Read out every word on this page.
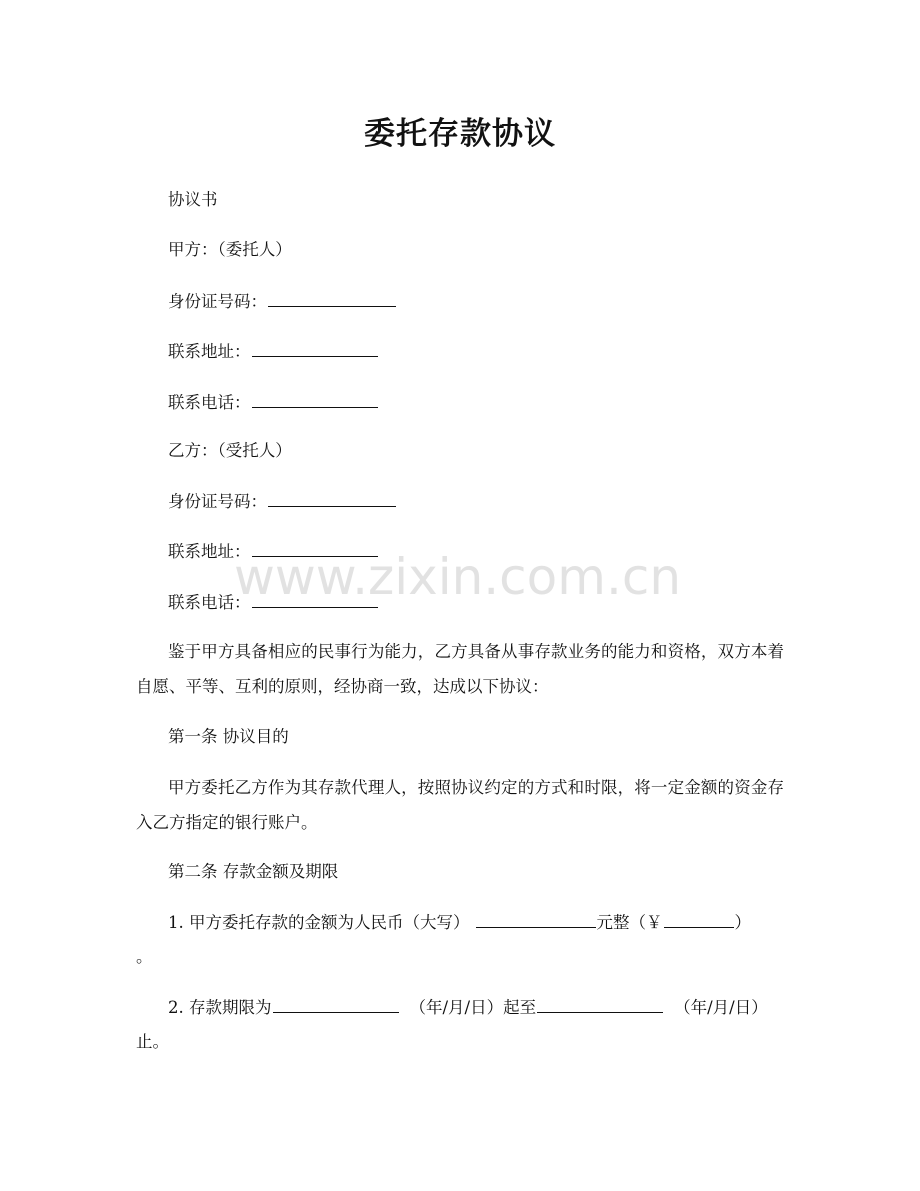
委托存款协议

协议书

甲方：（委托人）

身份证号码：

联系地址：

联系电话：

乙方：（受托人）

身份证号码：

联系地址：

联系电话：

鉴于甲方具备相应的民事行为能力，乙方具备从事存款业务的能力和资格，双方本着自愿、平等、互利的原则，经协商一致，达成以下协议：

第一条 协议目的

甲方委托乙方作为其存款代理人，按照协议约定的方式和时限，将一定金额的资金存入乙方指定的银行账户。

第二条 存款金额及期限

1. 甲方委托存款的金额为人民币（大写）	元整（￥	）

。

2. 存款期限为	（年/月/日）起至	（年/月/日）

止。

www.zixin.com.cn
